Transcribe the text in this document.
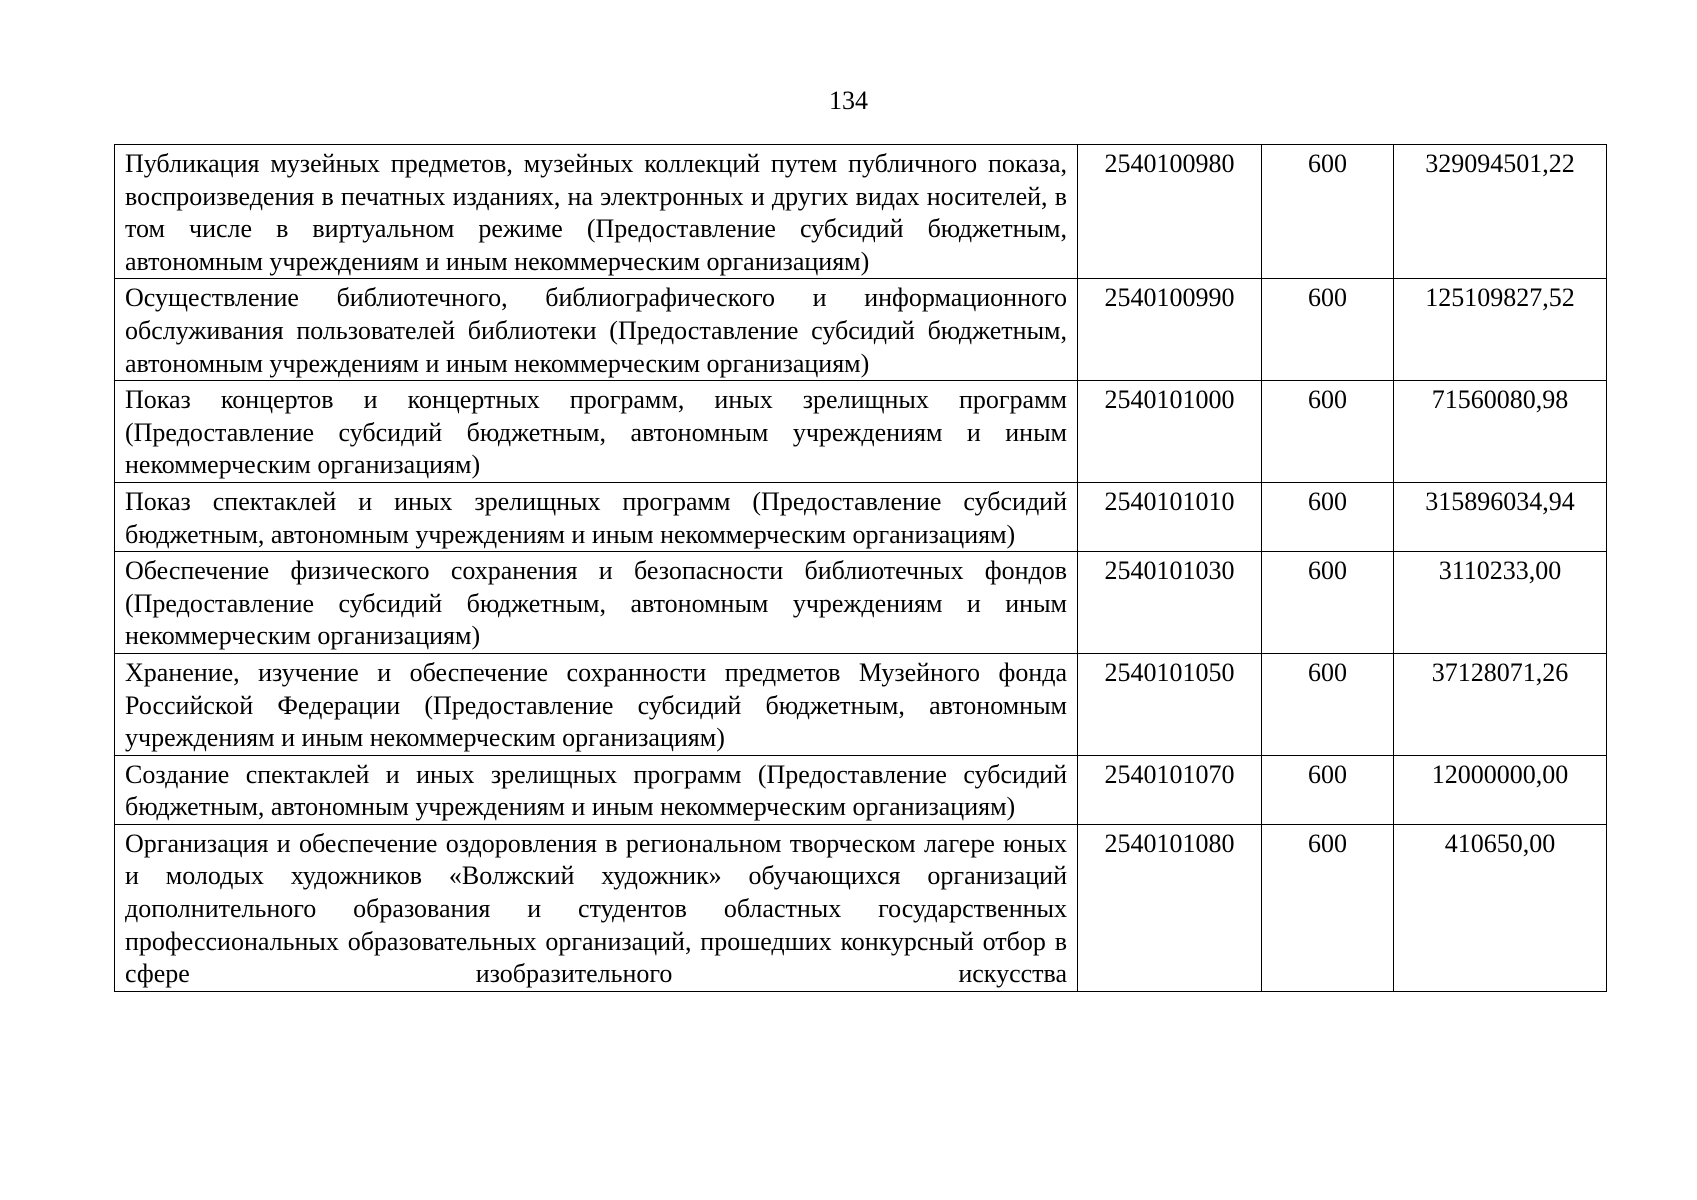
134
Публикация музейных предметов, музейных коллекций путем публичного показа, воспроизведения в печатных изданиях, на электронных и других видах носителей, в том числе в виртуальном режиме (Предоставление субсидий бюджетным, автономным учреждениям и иным некоммерческим организациям)	2540100980	600	329094501,22
Осуществление библиотечного, библиографического и информационного обслуживания пользователей библиотеки (Предоставление субсидий бюджетным, автономным учреждениям и иным некоммерческим организациям)	2540100990	600	125109827,52
Показ концертов и концертных программ, иных зрелищных программ (Предоставление субсидий бюджетным, автономным учреждениям и иным некоммерческим организациям)	2540101000	600	71560080,98
Показ спектаклей и иных зрелищных программ (Предоставление субсидий бюджетным, автономным учреждениям и иным некоммерческим организациям)	2540101010	600	315896034,94
Обеспечение физического сохранения и безопасности библиотечных фондов (Предоставление субсидий бюджетным, автономным учреждениям и иным некоммерческим организациям)	2540101030	600	3110233,00
Хранение, изучение и обеспечение сохранности предметов Музейного фонда Российской Федерации (Предоставление субсидий бюджетным, автономным учреждениям и иным некоммерческим организациям)	2540101050	600	37128071,26
Создание спектаклей и иных зрелищных программ (Предоставление субсидий бюджетным, автономным учреждениям и иным некоммерческим организациям)	2540101070	600	12000000,00
Организация и обеспечение оздоровления в региональном творческом лагере юных и молодых художников «Волжский художник» обучающихся организаций дополнительного образования и студентов областных государственных профессиональных образовательных организаций, прошедших конкурсный отбор в сфере изобразительного искусства	2540101080	600	410650,00
